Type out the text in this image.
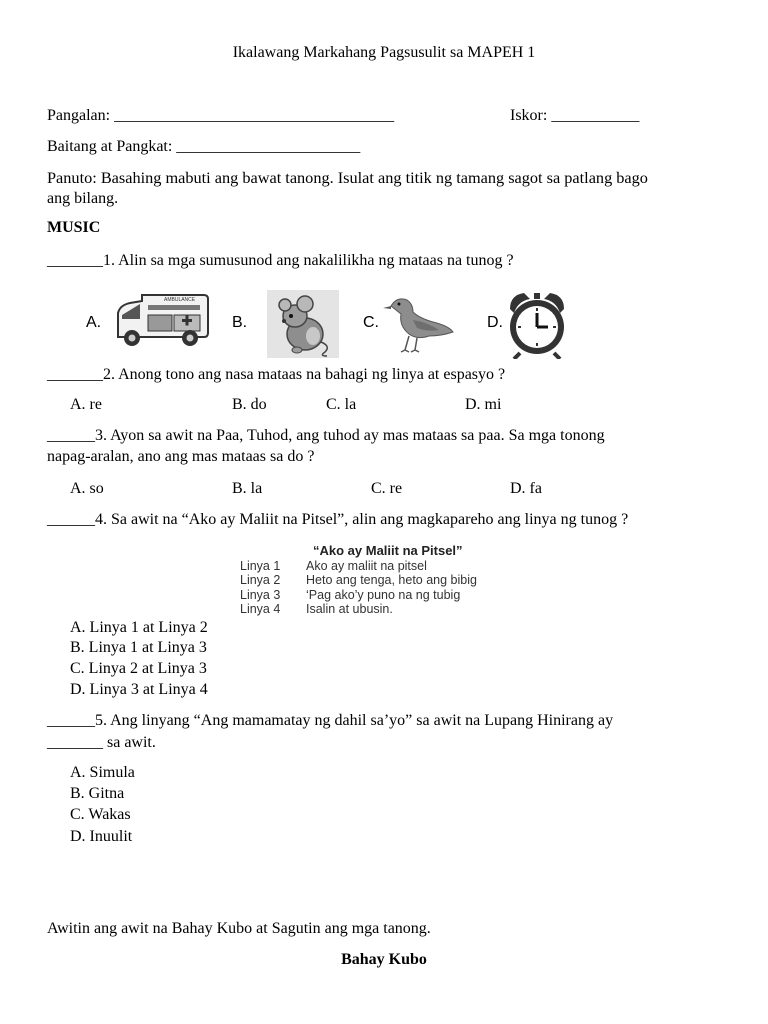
Ikalawang Markahang Pagsusulit sa MAPEH 1
Pangalan: ___________________________________	Iskor: ___________
Baitang at Pangkat: _______________________
Panuto: Basahing mabuti ang bawat tanong. Isulat ang titik ng tamang sagot sa patlang bago
ang bilang.
MUSIC
_______1. Alin sa mga sumusunod ang nakalilikha ng mataas na tunog ?
A.
AMBULANCE
B.	C.	D.
_______2. Anong tono ang nasa mataas na bahagi ng linya at espasyo ?
A. re	B. do	C. la	D. mi
______3. Ayon sa awit na Paa, Tuhod, ang tuhod ay mas mataas sa paa. Sa mga tonong
napag-aralan, ano ang mas mataas sa do ?
A. so	B. la	C. re	D. fa
______4. Sa awit na “Ako ay Maliit na Pitsel”, alin ang magkapareho ang linya ng tunog ?
“Ako ay Maliit na Pitsel”
Linya 1 Ako ay maliit na pitsel
Linya 2 Heto ang tenga, heto ang bibig
Linya 3 ‘Pag ako’y puno na ng tubig
Linya 4 Isalin at ubusin.
A. Linya 1 at Linya 2
B. Linya 1 at Linya 3
C. Linya 2 at Linya 3
D. Linya 3 at Linya 4
______5. Ang linyang “Ang mamamatay ng dahil sa’yo” sa awit na Lupang Hinirang ay
_______ sa awit.
A. Simula
B. Gitna
C. Wakas
D. Inuulit
Awitin ang awit na Bahay Kubo at Sagutin ang mga tanong.
Bahay Kubo
